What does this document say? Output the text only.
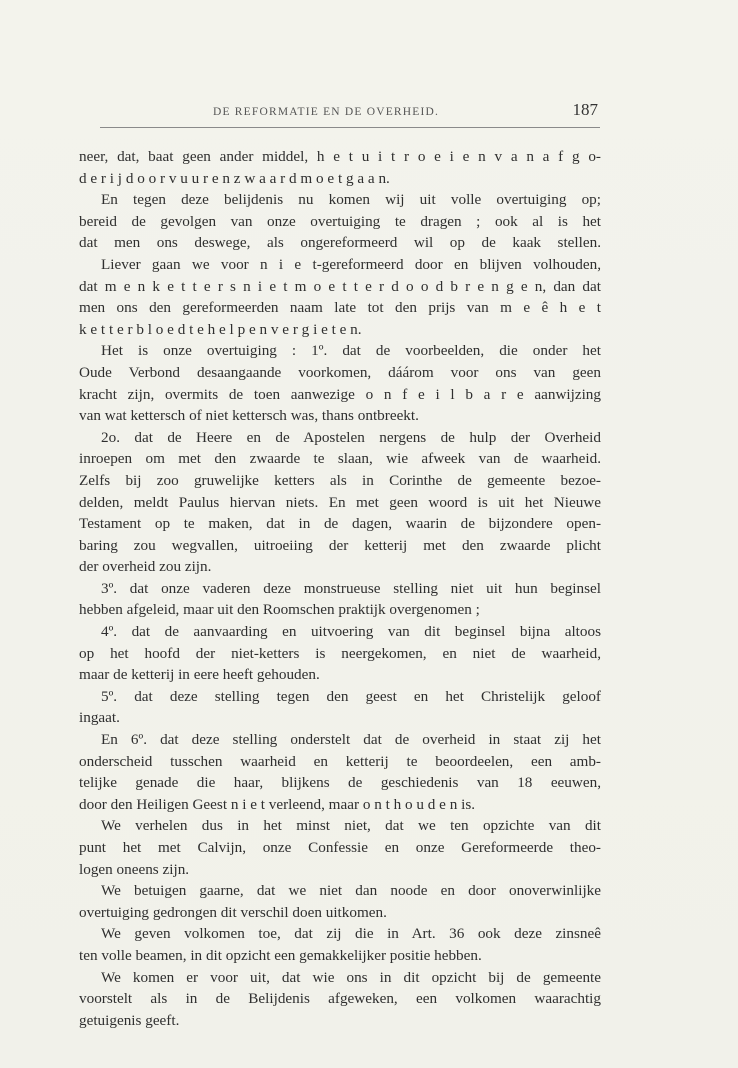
DE REFORMATIE EN DE OVERHEID.	187
neer, dat, baat geen ander middel, h e t u i t r o e i e n v a n a f g o-
d e r i j d o o r v u u r e n z w a a r d m o e t g a a n.
En tegen deze belijdenis nu komen wij uit volle overtuiging op;
bereid de gevolgen van onze overtuiging te dragen ; ook al is het
dat men ons deswege, als ongereformeerd wil op de kaak stellen.
Liever gaan we voor n i e t-gereformeerd door en blijven volhouden,
dat m e n k e t t e r s n i e t m o e t t e r d o o d b r e n g e n, dan dat
men ons den gereformeerden naam late tot den prijs van m e ê h e t
k e t t e r b l o e d t e h e l p e n v e r g i e t e n.
Het is onze overtuiging : 1º. dat de voorbeelden, die onder het
Oude Verbond desaangaande voorkomen, dáárom voor ons van geen
kracht zijn, overmits de toen aanwezige o n f e i l b a r e aanwijzing
van wat kettersch of niet kettersch was, thans ontbreekt.
2o. dat de Heere en de Apostelen nergens de hulp der Overheid
inroepen om met den zwaarde te slaan, wie afweek van de waarheid.
Zelfs bij zoo gruwelijke ketters als in Corinthe de gemeente bezoe-
delden, meldt Paulus hiervan niets. En met geen woord is uit het Nieuwe
Testament op te maken, dat in de dagen, waarin de bijzondere open-
baring zou wegvallen, uitroeiing der ketterij met den zwaarde plicht
der overheid zou zijn.
3º. dat onze vaderen deze monstrueuse stelling niet uit hun beginsel
hebben afgeleid, maar uit den Roomschen praktijk overgenomen ;
4º. dat de aanvaarding en uitvoering van dit beginsel bijna altoos
op het hoofd der niet-ketters is neergekomen, en niet de waarheid,
maar de ketterij in eere heeft gehouden.
5º. dat deze stelling tegen den geest en het Christelijk geloof
ingaat.
En 6º. dat deze stelling onderstelt dat de overheid in staat zij het
onderscheid tusschen waarheid en ketterij te beoordeelen, een amb-
telijke genade die haar, blijkens de geschiedenis van 18 eeuwen,
door den Heiligen Geest n i e t verleend, maar o n t h o u d e n is.
We verhelen dus in het minst niet, dat we ten opzichte van dit
punt het met Calvijn, onze Confessie en onze Gereformeerde theo-
logen oneens zijn.
We betuigen gaarne, dat we niet dan noode en door onoverwinlijke
overtuiging gedrongen dit verschil doen uitkomen.
We geven volkomen toe, dat zij die in Art. 36 ook deze zinsneê
ten volle beamen, in dit opzicht een gemakkelijker positie hebben.
We komen er voor uit, dat wie ons in dit opzicht bij de gemeente
voorstelt als in de Belijdenis afgeweken, een volkomen waarachtig
getuigenis geeft.
